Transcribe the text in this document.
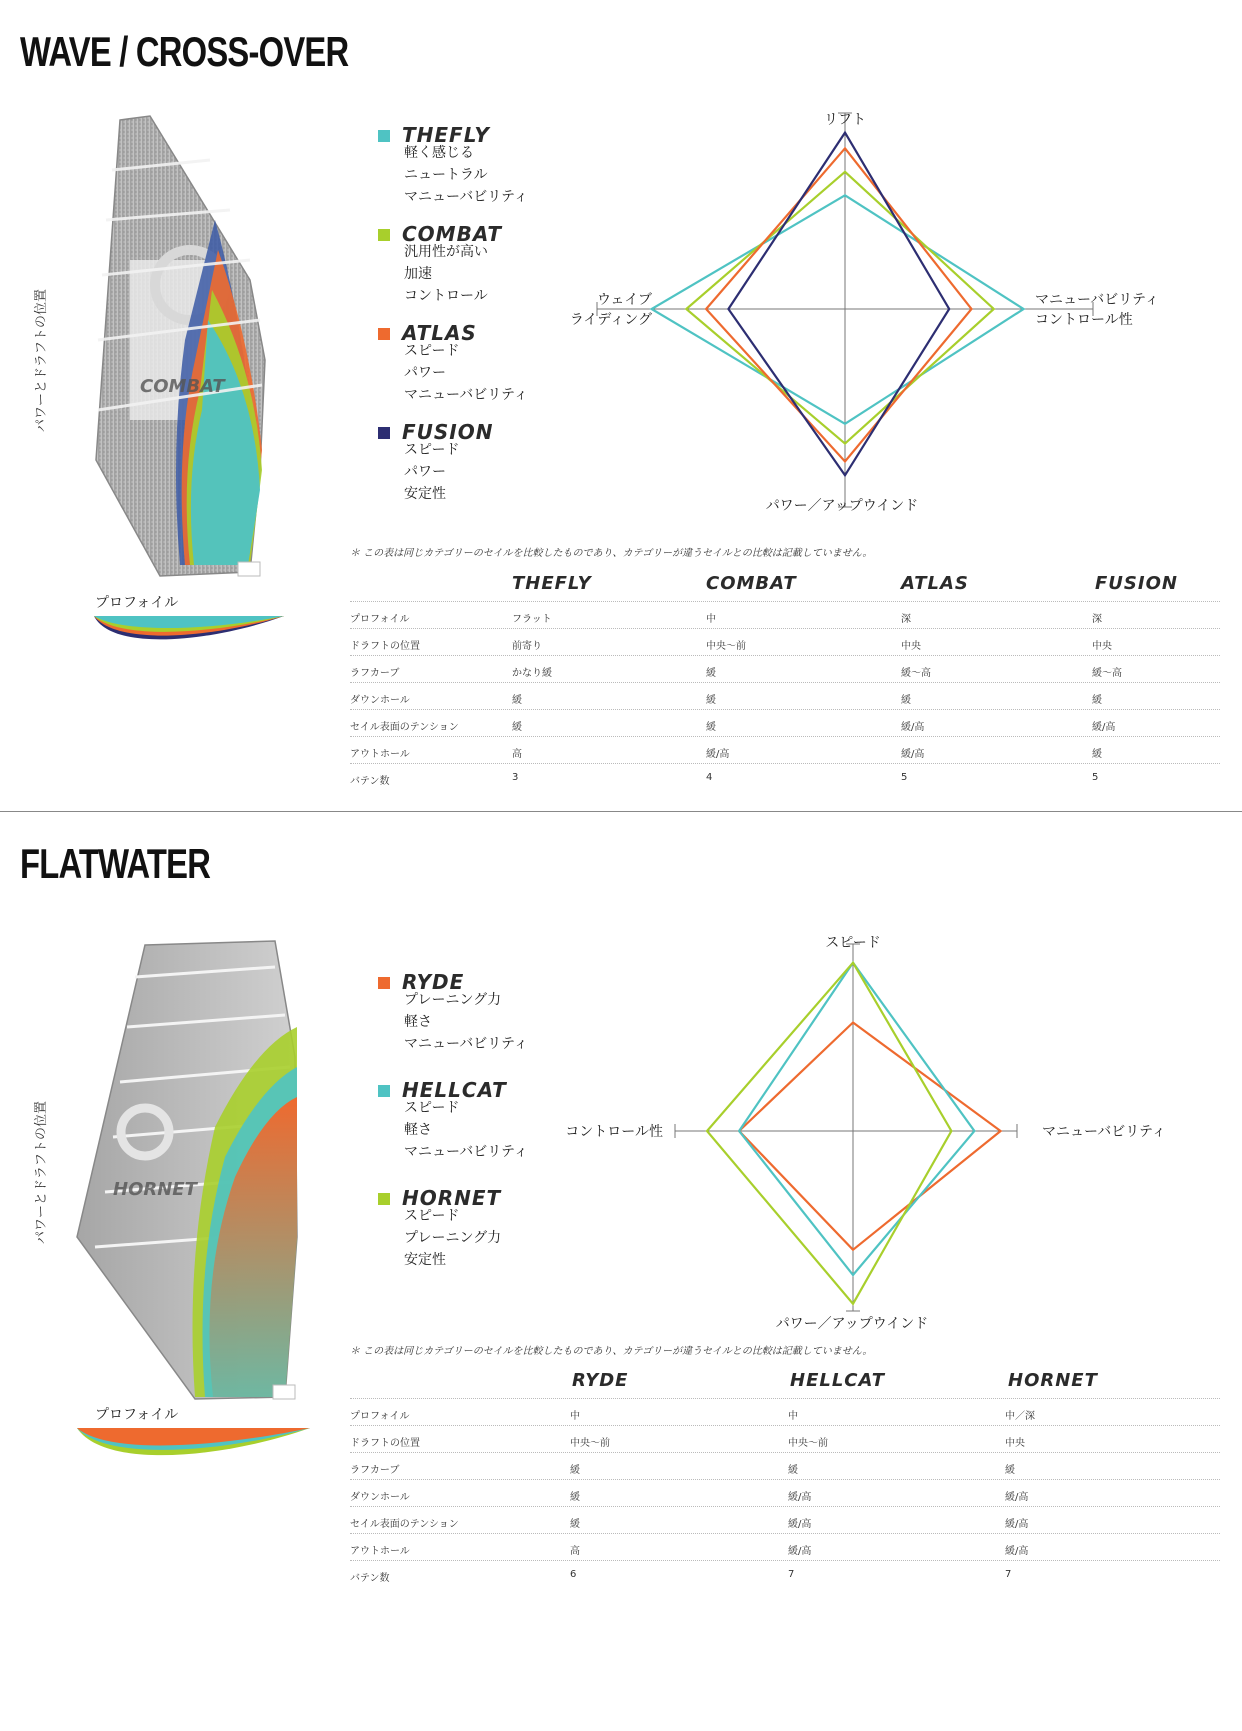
WAVE / CROSS-OVER
パワーとドラフトの位置	COMBAT
プロフォイル
THEFLY
軽く感じる
ニュートラル
マニューバビリティ
COMBAT
汎用性が高い
加速
コントロール
ATLAS
スピード
パワー
マニューバビリティ
FUSION
スピード
パワー
安定性
リフト
マニューバビリティ
コントロール性
パワー／アップウインド
ウェイブ
ライディング
＊ この表は同じカテゴリーのセイルを比較したものであり、カテゴリーが違うセイルとの比較は記載していません。
THEFLY	COMBAT	ATLAS	FUSION
プロフォイル	フラット	中	深	深
ドラフトの位置	前寄り	中央～前	中央	中央
ラフカーブ	かなり緩	緩	緩～高	緩～高
ダウンホール	緩	緩	緩	緩
セイル表面のテンション	緩	緩	緩/高	緩/高
アウトホール	高	緩/高	緩/高	緩
バテン数	3	4	5	5
FLATWATER
パワーとドラフトの位置	HORNET
プロフォイル
RYDE
プレーニング力
軽さ
マニューバビリティ
HELLCAT
スピード
軽さ
マニューバビリティ
HORNET
スピード
プレーニング力
安定性
スピード
マニューバビリティ
パワー／アップウインド
コントロール性
＊ この表は同じカテゴリーのセイルを比較したものであり、カテゴリーが違うセイルとの比較は記載していません。
RYDE	HELLCAT	HORNET
プロフォイル	中	中	中／深
ドラフトの位置	中央～前	中央～前	中央
ラフカーブ	緩	緩	緩
ダウンホール	緩	緩/高	緩/高
セイル表面のテンション	緩	緩/高	緩/高
アウトホール	高	緩/高	緩/高
バテン数	6	7	7
